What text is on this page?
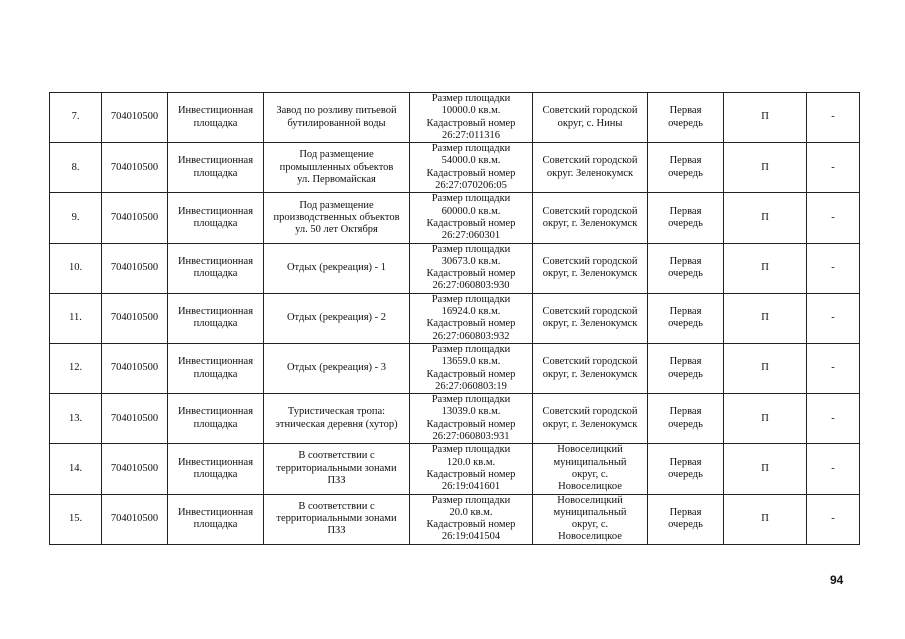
7.	704010500	Инвестиционная
площадка	Завод по розливу питьевой
бутилированной воды	Размер площадки
10000.0 кв.м.
Кадастровый номер
26:27:011316	Советский городской
округ, с. Нины	Первая
очередь	П	-
8.	704010500	Инвестиционная
площадка	Под размещение
промышленных объектов
ул. Первомайская	Размер площадки
54000.0 кв.м.
Кадастровый номер
26:27:070206:05	Советский городской
округ. Зеленокумск	Первая
очередь	П	-
9.	704010500	Инвестиционная
площадка	Под размещение
производственных объектов
ул. 50 лет Октября	Размер площадки
60000.0 кв.м.
Кадастровый номер
26:27:060301	Советский городской
округ, г. Зеленокумск	Первая
очередь	П	-
10.	704010500	Инвестиционная
площадка	Отдых (рекреация) - 1	Размер площадки
30673.0 кв.м.
Кадастровый номер
26:27:060803:930	Советский городской
округ, г. Зеленокумск	Первая
очередь	П	-
11.	704010500	Инвестиционная
площадка	Отдых (рекреация) - 2	Размер площадки
16924.0 кв.м.
Кадастровый номер
26:27:060803:932	Советский городской
округ, г. Зеленокумск	Первая
очередь	П	-
12.	704010500	Инвестиционная
площадка	Отдых (рекреация) - 3	Размер площадки
13659.0 кв.м.
Кадастровый номер
26:27:060803:19	Советский городской
округ, г. Зеленокумск	Первая
очередь	П	-
13.	704010500	Инвестиционная
площадка	Туристическая тропа:
этническая деревня (хутор)	Размер площадки
13039.0 кв.м.
Кадастровый номер
26:27:060803:931	Советский городской
округ, г. Зеленокумск	Первая
очередь	П	-
14.	704010500	Инвестиционная
площадка	В соответствии с
территориальными зонами
ПЗЗ	Размер площадки
120.0 кв.м.
Кадастровый номер
26:19:041601	Новоселицкий
муниципальный
округ, с.
Новоселицкое	Первая
очередь	П	-
15.	704010500	Инвестиционная
площадка	В соответствии с
территориальными зонами
ПЗЗ	Размер площадки
20.0 кв.м.
Кадастровый номер
26:19:041504	Новоселицкий
муниципальный
округ, с.
Новоселицкое	Первая
очередь	П	-
94
